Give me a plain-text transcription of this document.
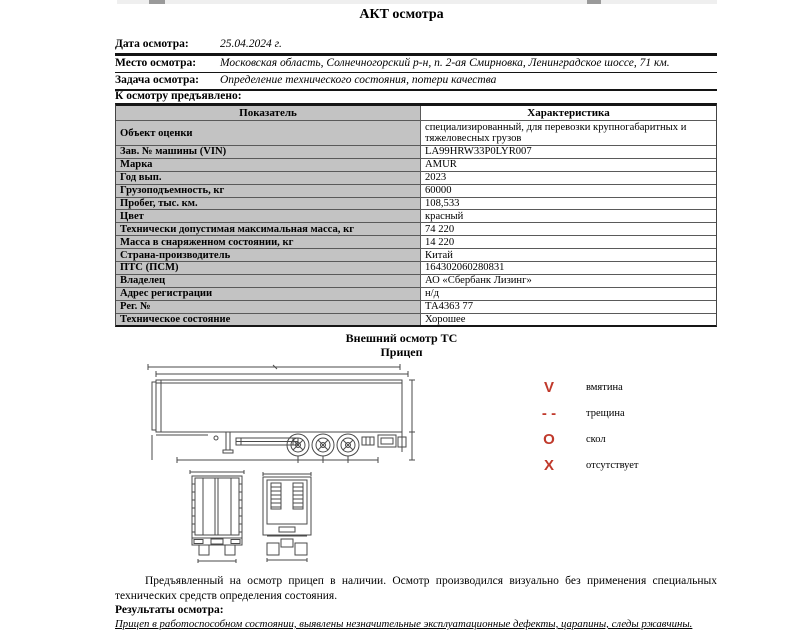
АКТ осмотра
Дата осмотра:	25.04.2024 г.
Место осмотра:	Московская область, Солнечногорский р-н, п. 2-ая Смирновка, Ленинградское шоссе, 71 км.
Задача осмотра:	Определение технического состояния, потери качества
К осмотру предъявлено:
Показатель	Характеристика
Объект оценки	специализированный, для перевозки крупногабаритных и тяжеловесных грузов
Зав. № машины (VIN)	LA99HRW33P0LYR007
Марка	AMUR
Год вып.	2023
Грузоподъемность, кг	60000
Пробег, тыс. км.	108,533
Цвет	красный
Технически допустимая максимальная масса, кг	74 220
Масса в снаряженном состоянии, кг	14 220
Страна-производитель	Китай
ПТС (ПСМ)	164302060280831
Владелец	АО «Сбербанк Лизинг»
Адрес регистрации	н/д
Рег. №	ТА4363 77
Техническое состояние	Хорошее
Внешний осмотр ТС
Прицеп
V	вмятина
- -	трещина
O	скол
X	отсутствует
Предъявленный на осмотр прицеп в наличии. Осмотр производился визуально без применения специальных технических средств определения состояния.
Результаты осмотра:
Прицеп в работоспособном состоянии, выявлены незначительные эксплуатационные дефекты, царапины, следы ржавчины.
